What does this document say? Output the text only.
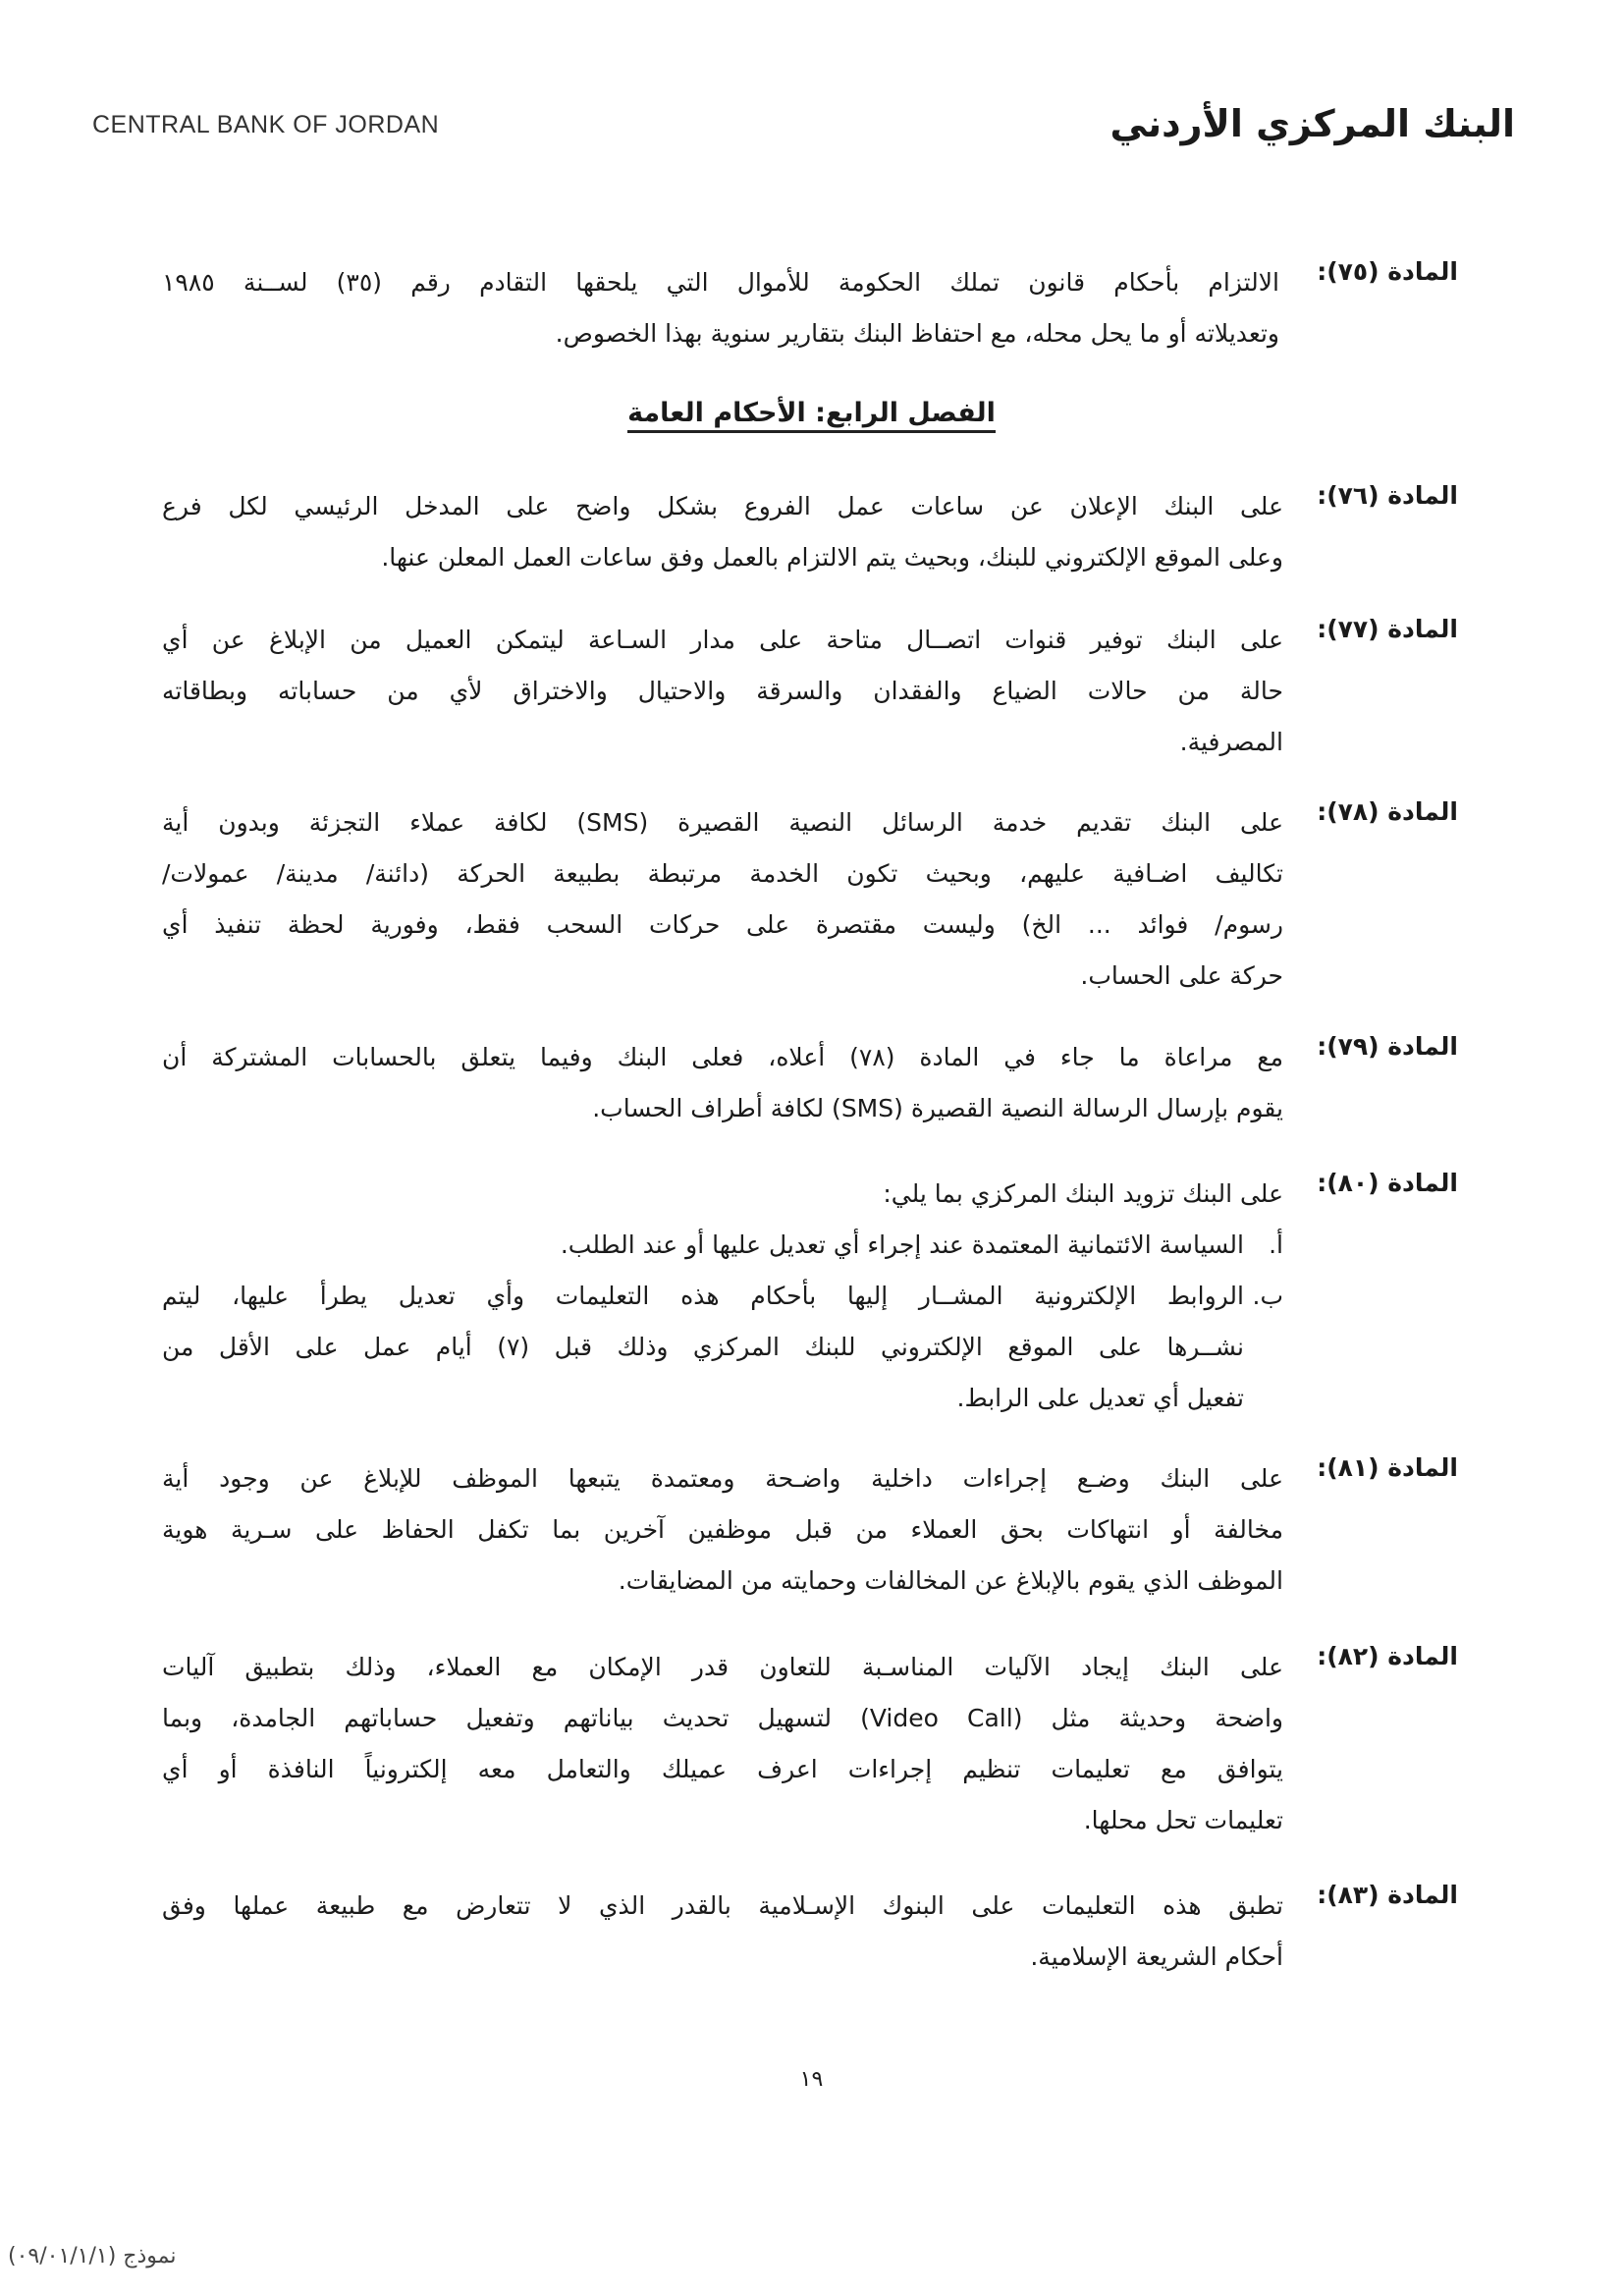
CENTRAL BANK OF JORDAN	البنك المركزي الأردني
المادة (٧٥):
الالتزام بأحكام قانون تملك الحكومة للأموال التي يلحقها التقادم رقم (٣٥) لســنة ١٩٨٥
وتعديلاته أو ما يحل محله، مع احتفاظ البنك بتقارير سنوية بهذا الخصوص.
الفصل الرابع: الأحكام العامة
المادة (٧٦):
على البنك الإعلان عن ساعات عمل الفروع بشكل واضح على المدخل الرئيسي لكل فرع
وعلى الموقع الإلكتروني للبنك، وبحيث يتم الالتزام بالعمل وفق ساعات العمل المعلن عنها.
المادة (٧٧):
على البنك توفير قنوات اتصــال متاحة على مدار السـاعة ليتمكن العميل من الإبلاغ عن أي
حالة من حالات الضياع والفقدان والسرقة والاحتيال والاختراق لأي من حساباته وبطاقاته
المصرفية.
المادة (٧٨):
على البنك تقديم خدمة الرسائل النصية القصيرة (SMS) لكافة عملاء التجزئة وبدون أية
تكاليف اضـافية عليهم، وبحيث تكون الخدمة مرتبطة بطبيعة الحركة (دائنة/ مدينة/ عمولات/
رسوم/ فوائد ... الخ) وليست مقتصرة على حركات السحب فقط، وفورية لحظة تنفيذ أي
حركة على الحساب.
المادة (٧٩):
مع مراعاة ما جاء في المادة (٧٨) أعلاه، فعلى البنك وفيما يتعلق بالحسابات المشتركة أن
يقوم بإرسال الرسالة النصية القصيرة (SMS) لكافة أطراف الحساب.
المادة (٨٠):
على البنك تزويد البنك المركزي بما يلي:
أ.
السياسة الائتمانية المعتمدة عند إجراء أي تعديل عليها أو عند الطلب.
ب.
الروابط الإلكترونية المشــار إليها بأحكام هذه التعليمات وأي تعديل يطرأ عليها، ليتم
نشــرها على الموقع الإلكتروني للبنك المركزي وذلك قبل (٧) أيام عمل على الأقل من
تفعيل أي تعديل على الرابط.
المادة (٨١):
على البنك وضـع إجراءات داخلية واضـحة ومعتمدة يتبعها الموظف للإبلاغ عن وجود أية
مخالفة أو انتهاكات بحق العملاء من قبل موظفين آخرين بما تكفل الحفاظ على سـرية هوية
الموظف الذي يقوم بالإبلاغ عن المخالفات وحمايته من المضايقات.
المادة (٨٢):
على البنك إيجاد الآليات المناسـبة للتعاون قدر الإمكان مع العملاء، وذلك بتطبيق آليات
واضحة وحديثة مثل (Video Call) لتسهيل تحديث بياناتهم وتفعيل حساباتهم الجامدة، وبما
يتوافق مع تعليمات تنظيم إجراءات اعرف عميلك والتعامل معه إلكترونياً النافذة أو أي
تعليمات تحل محلها.
المادة (٨٣):
تطبق هذه التعليمات على البنوك الإسـلامية بالقدر الذي لا تتعارض مع طبيعة عملها وفق
أحكام الشريعة الإسلامية.
١٩
نموذج (٠٩/٠١/١/١)
